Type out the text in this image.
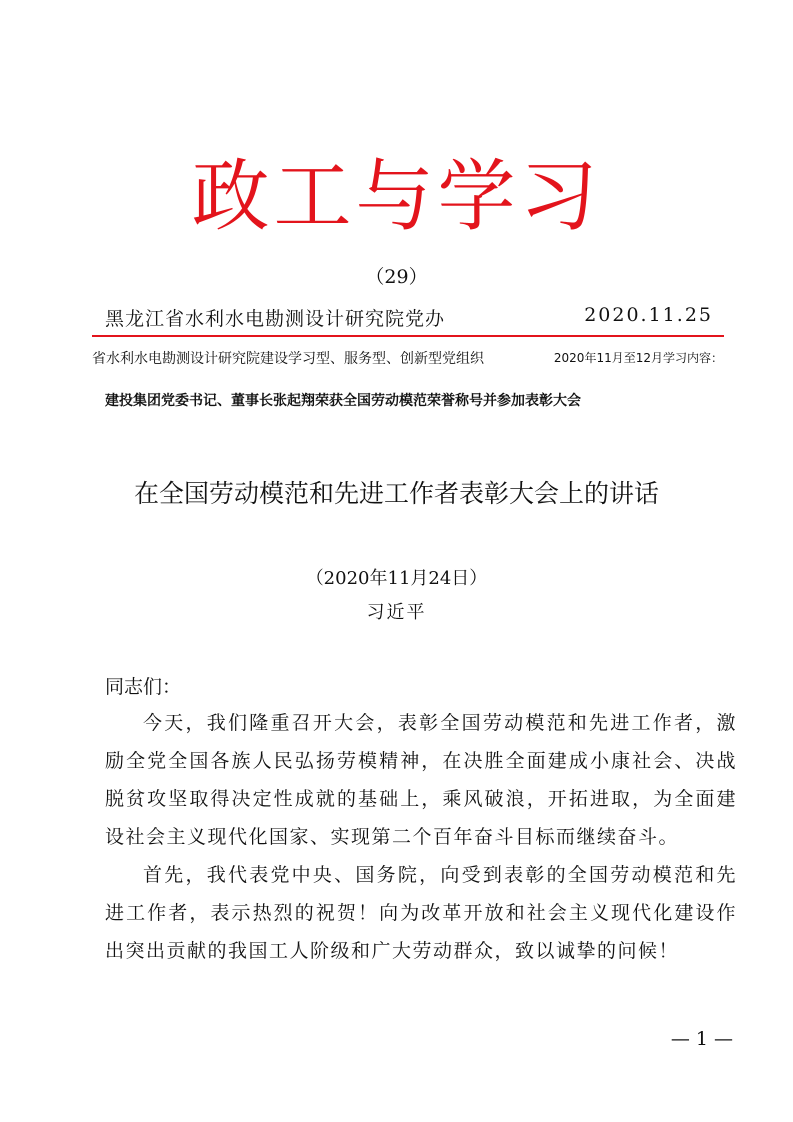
政工与学习
（29）
黑龙江省水利水电勘测设计研究院党办	2020.11.25
省水利水电勘测设计研究院建设学习型、服务型、创新型党组织	2020年11月至12月学习内容：
建投集团党委书记、董事长张起翔荣获全国劳动模范荣誉称号并参加表彰大会
在全国劳动模范和先进工作者表彰大会上的讲话
（2020年11月24日）
习近平
同志们：

今天，我们隆重召开大会，表彰全国劳动模范和先进工作者，激励全党全国各族人民弘扬劳模精神，在决胜全面建成小康社会、决战脱贫攻坚取得决定性成就的基础上，乘风破浪，开拓进取，为全面建设社会主义现代化国家、实现第二个百年奋斗目标而继续奋斗。

首先，我代表党中央、国务院，向受到表彰的全国劳动模范和先进工作者，表示热烈的祝贺！向为改革开放和社会主义现代化建设作出突出贡献的我国工人阶级和广大劳动群众，致以诚挚的问候！

— 1 —
